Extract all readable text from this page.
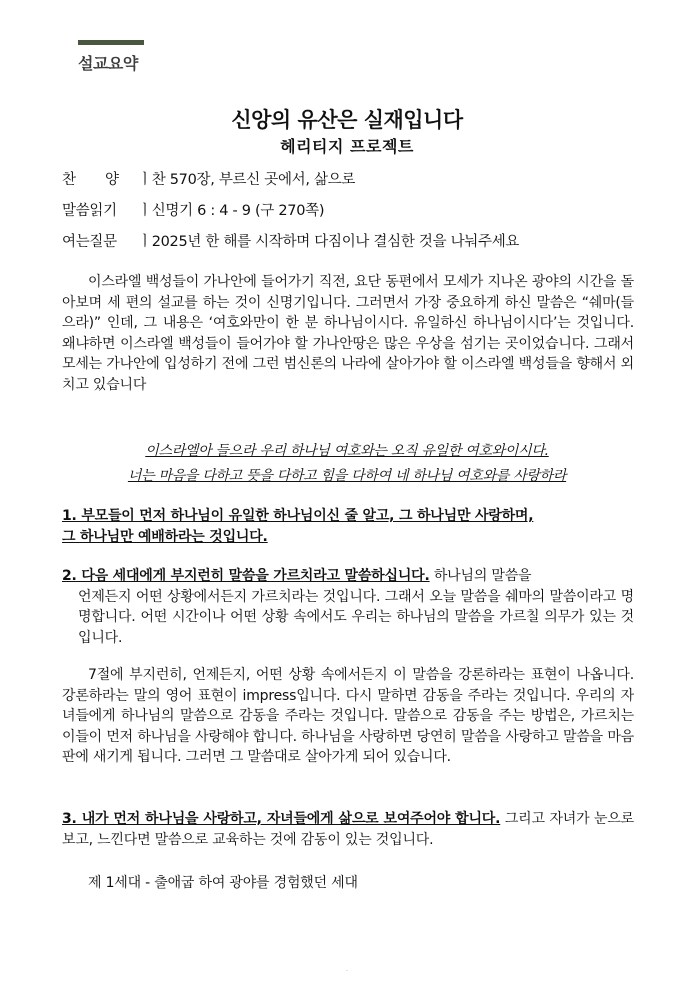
설교요약
신앙의 유산은 실재입니다
헤리티지 프로젝트
찬양ㅣ찬 570장, 부르신 곳에서, 삶으로
말씀읽기 ㅣ신명기 6 : 4 - 9 (구 270쪽)
여는질문 ㅣ2025년 한 해를 시작하며 다짐이나 결심한 것을 나눠주세요
이스라엘 백성들이 가나안에 들어가기 직전, 요단 동편에서 모세가 지나온 광야의 시간을 돌아보며 세 편의 설교를 하는 것이 신명기입니다. 그러면서 가장 중요하게 하신 말씀은 “쉐마(들으라)” 인데, 그 내용은 ‘여호와만이 한 분 하나님이시다. 유일하신 하나님이시다’는 것입니다. 왜냐하면 이스라엘 백성들이 들어가야 할 가나안땅은 많은 우상을 섬기는 곳이었습니다. 그래서 모세는 가나안에 입성하기 전에 그런 범신론의 나라에 살아가야 할 이스라엘 백성들을 향해서 외치고 있습니다
이스라엘아 들으라 우리 하나님 여호와는 오직 유일한 여호와이시다.
너는 마음을 다하고 뜻을 다하고 힘을 다하여 네 하나님 여호와를 사랑하라
1. 부모들이 먼저 하나님이 유일한 하나님이신 줄 알고, 그 하나님만 사랑하며,
그 하나님만 예배하라는 것입니다.
2. 다음 세대에게 부지런히 말씀을 가르치라고 말씀하십니다. 하나님의 말씀을
언제든지 어떤 상황에서든지 가르치라는 것입니다. 그래서 오늘 말씀을 쉐마의 말씀이라고 명명합니다. 어떤 시간이나 어떤 상황 속에서도 우리는 하나님의 말씀을 가르칠 의무가 있는 것입니다.
7절에 부지런히, 언제든지, 어떤 상황 속에서든지 이 말씀을 강론하라는 표현이 나옵니다. 강론하라는 말의 영어 표현이 impress입니다. 다시 말하면 감동을 주라는 것입니다. 우리의 자녀들에게 하나님의 말씀으로 감동을 주라는 것입니다. 말씀으로 감동을 주는 방법은, 가르치는 이들이 먼저 하나님을 사랑해야 합니다. 하나님을 사랑하면 당연히 말씀을 사랑하고 말씀을 마음 판에 새기게 됩니다. 그러면 그 말씀대로 살아가게 되어 있습니다.
3. 내가 먼저 하나님을 사랑하고, 자녀들에게 삶으로 보여주어야 합니다. 그리고 자녀가 눈으로 보고, 느낀다면 말씀으로 교육하는 것에 감동이 있는 것입니다.
제 1세대 - 출애굽 하여 광야를 경험했던 세대
.
